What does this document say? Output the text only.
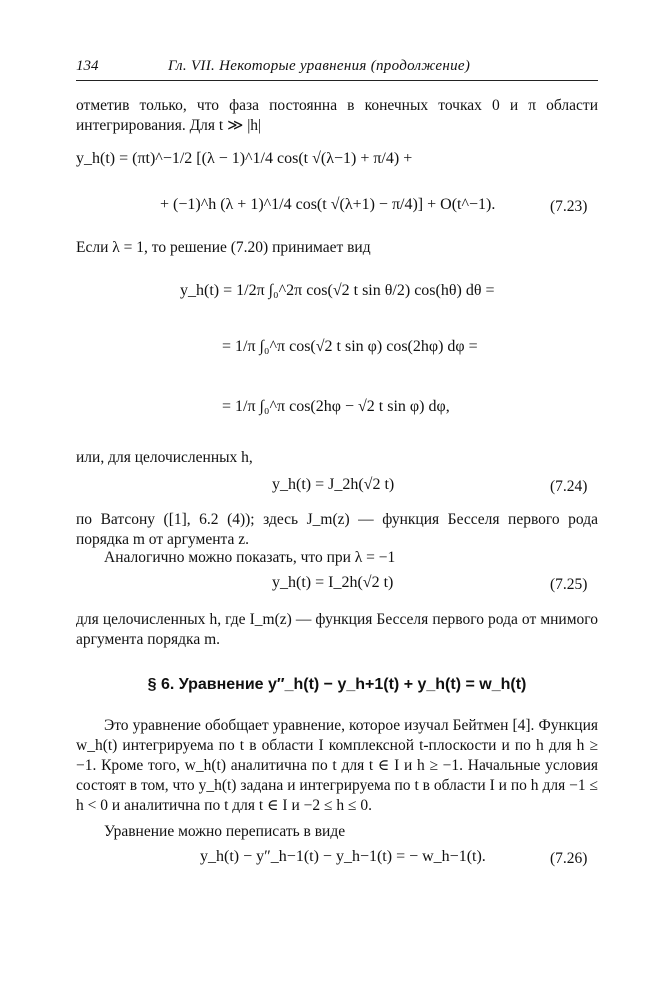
134	Гл. VII. Некоторые уравнения (продолжение)
отметив только, что фаза постоянна в конечных точках 0 и π области интегрирования. Для t ≫ |h|
y_h(t) = (πt)^−1/2 [(λ − 1)^1/4 cos(t √(λ−1) + π/4) +
+ (−1)^h (λ + 1)^1/4 cos(t √(λ+1) − π/4)] + O(t^−1).	(7.23)
Если λ = 1, то решение (7.20) принимает вид
y_h(t) = 1/2π ∫₀^2π cos(√2 t sin θ/2) cos(hθ) dθ =
= 1/π ∫₀^π cos(√2 t sin φ) cos(2hφ) dφ =
= 1/π ∫₀^π cos(2hφ − √2 t sin φ) dφ,
или, для целочисленных h,
y_h(t) = J_2h(√2 t)	(7.24)
по Ватсону ([1], 6.2 (4)); здесь J_m(z) — функция Бесселя первого рода порядка m от аргумента z.
Аналогично можно показать, что при λ = −1
y_h(t) = I_2h(√2 t)	(7.25)
для целочисленных h, где I_m(z) — функция Бесселя первого рода от мнимого аргумента порядка m.
§ 6. Уравнение y″_h(t) − y_h+1(t) + y_h(t) = w_h(t)
Это уравнение обобщает уравнение, которое изучал Бейтмен [4]. Функция w_h(t) интегрируема по t в области I комплексной t-плоскости и по h для h ≥ −1. Кроме того, w_h(t) аналитична по t для t ∈ I и h ≥ −1. Начальные условия состоят в том, что y_h(t) задана и интегрируема по t в области I и по h для −1 ≤ h < 0 и аналитична по t для t ∈ I и −2 ≤ h ≤ 0.
Уравнение можно переписать в виде
y_h(t) − y″_h−1(t) − y_h−1(t) = − w_h−1(t).	(7.26)
